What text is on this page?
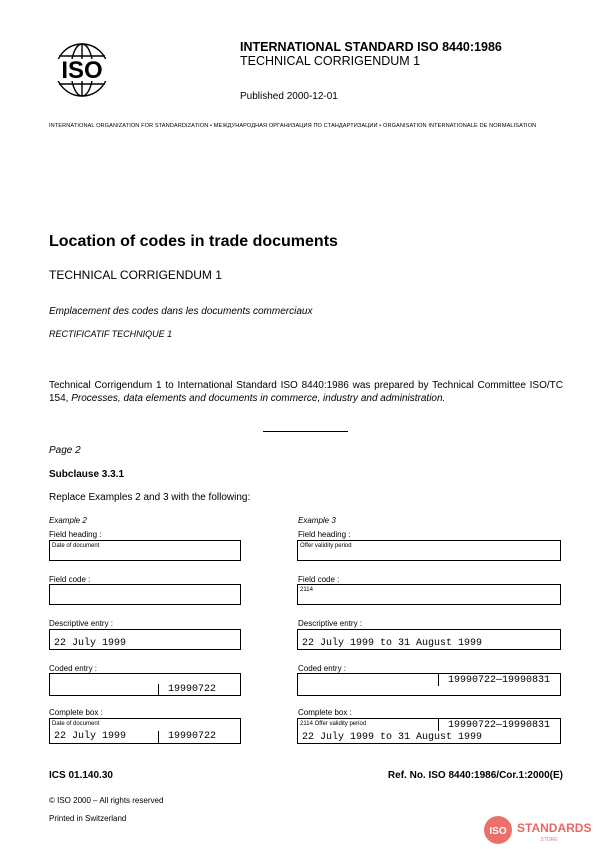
ISO
INTERNATIONAL STANDARD ISO 8440:1986
TECHNICAL CORRIGENDUM 1
Published 2000-12-01
INTERNATIONAL ORGANIZATION FOR STANDARDIZATION • МЕЖДУНАРОДНАЯ ОРГАНИЗАЦИЯ ПО СТАНДАРТИЗАЦИИ • ORGANISATION INTERNATIONALE DE NORMALISATION
Location of codes in trade documents
TECHNICAL CORRIGENDUM 1
Emplacement des codes dans les documents commerciaux
RECTIFICATIF TECHNIQUE 1
Technical Corrigendum 1 to International Standard ISO 8440:1986 was prepared by Technical Committee ISO/TC 154, Processes, data elements and documents in commerce, industry and administration.
Page 2
Subclause 3.3.1
Replace Examples 2 and 3 with the following:
Example 2
Field heading :
Date of document
Field code :
Descriptive entry :
22 July 1999
Coded entry :
19990722
Complete box :
Date of document
22 July 1999	19990722
Example 3
Field heading :
Offer validity period
Field code :
2114
Descriptive entry :
22 July 1999 to 31 August 1999
Coded entry :
19990722—19990831
Complete box :
2114 Offer validity period	19990722—19990831
22 July 1999 to 31 August 1999
ICS 01.140.30	Ref. No. ISO 8440:1986/Cor.1:2000(E)
© ISO 2000 – All rights reserved
Printed in Switzerland
ISO STANDARDS
STORE
